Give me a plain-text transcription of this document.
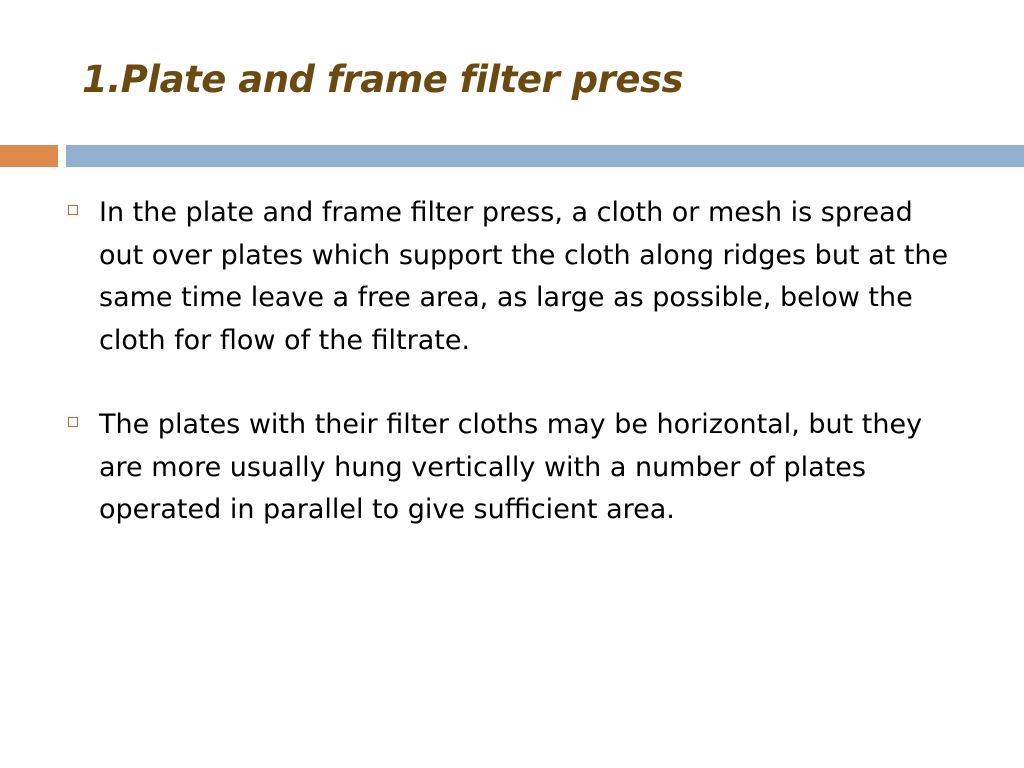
1.Plate and frame filter press
In the plate and frame filter press, a cloth or mesh is spread out over plates which support the cloth along ridges but at the same time leave a free area, as large as possible, below the cloth for flow of the filtrate.
The plates with their filter cloths may be horizontal, but they are more usually hung vertically with a number of plates operated in parallel to give sufficient area.
